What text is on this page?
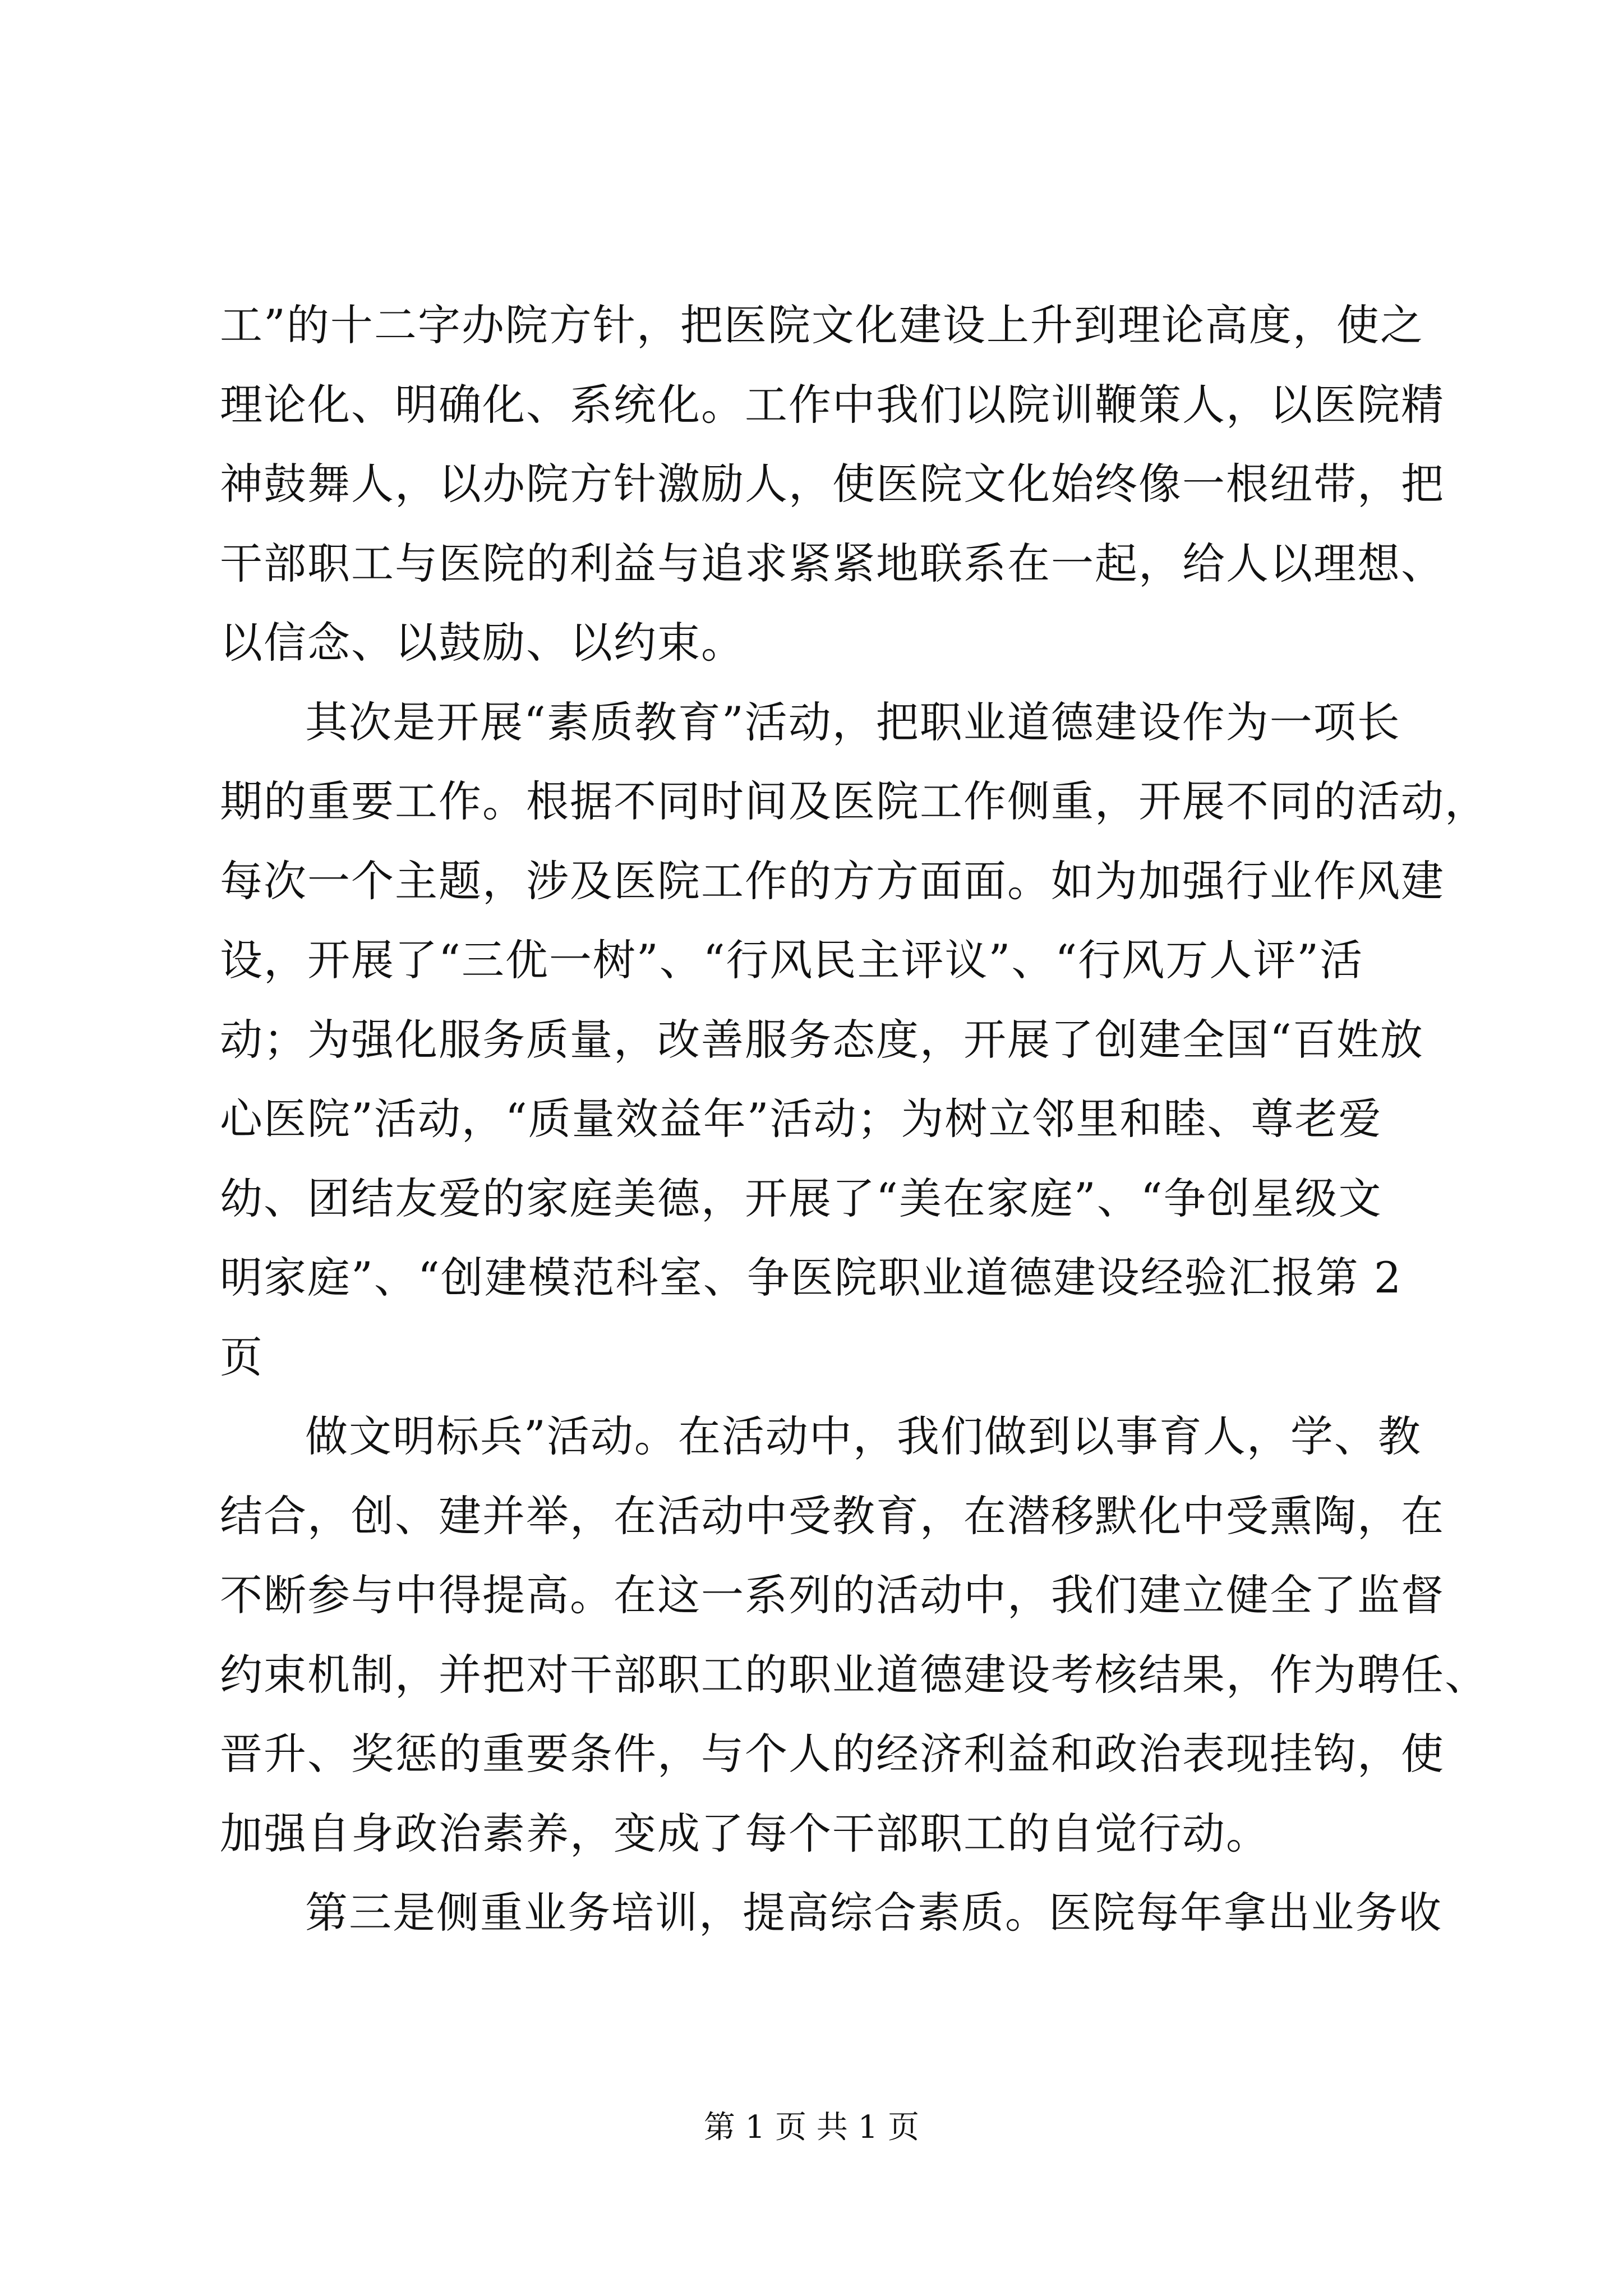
工”的十二字办院方针，把医院文化建设上升到理论高度，使之
理论化、明确化、系统化。工作中我们以院训鞭策人，以医院精
神鼓舞人，以办院方针激励人，使医院文化始终像一根纽带，把
干部职工与医院的利益与追求紧紧地联系在一起，给人以理想、
以信念、以鼓励、以约束。
其次是开展“素质教育”活动，把职业道德建设作为一项长
期的重要工作。根据不同时间及医院工作侧重，开展不同的活动，
每次一个主题，涉及医院工作的方方面面。如为加强行业作风建
设，开展了“三优一树”、“行风民主评议”、“行风万人评”活
动；为强化服务质量，改善服务态度，开展了创建全国“百姓放
心医院”活动，“质量效益年”活动；为树立邻里和睦、尊老爱
幼、团结友爱的家庭美德，开展了“美在家庭”、“争创星级文
明家庭”、“创建模范科室、争医院职业道德建设经验汇报第 2
页
做文明标兵”活动。在活动中，我们做到以事育人，学、教
结合，创、建并举，在活动中受教育，在潜移默化中受熏陶，在
不断参与中得提高。在这一系列的活动中，我们建立健全了监督
约束机制，并把对干部职工的职业道德建设考核结果，作为聘任、
晋升、奖惩的重要条件，与个人的经济利益和政治表现挂钩，使
加强自身政治素养，变成了每个干部职工的自觉行动。
第三是侧重业务培训，提高综合素质。医院每年拿出业务收
第 1 页 共 1 页
